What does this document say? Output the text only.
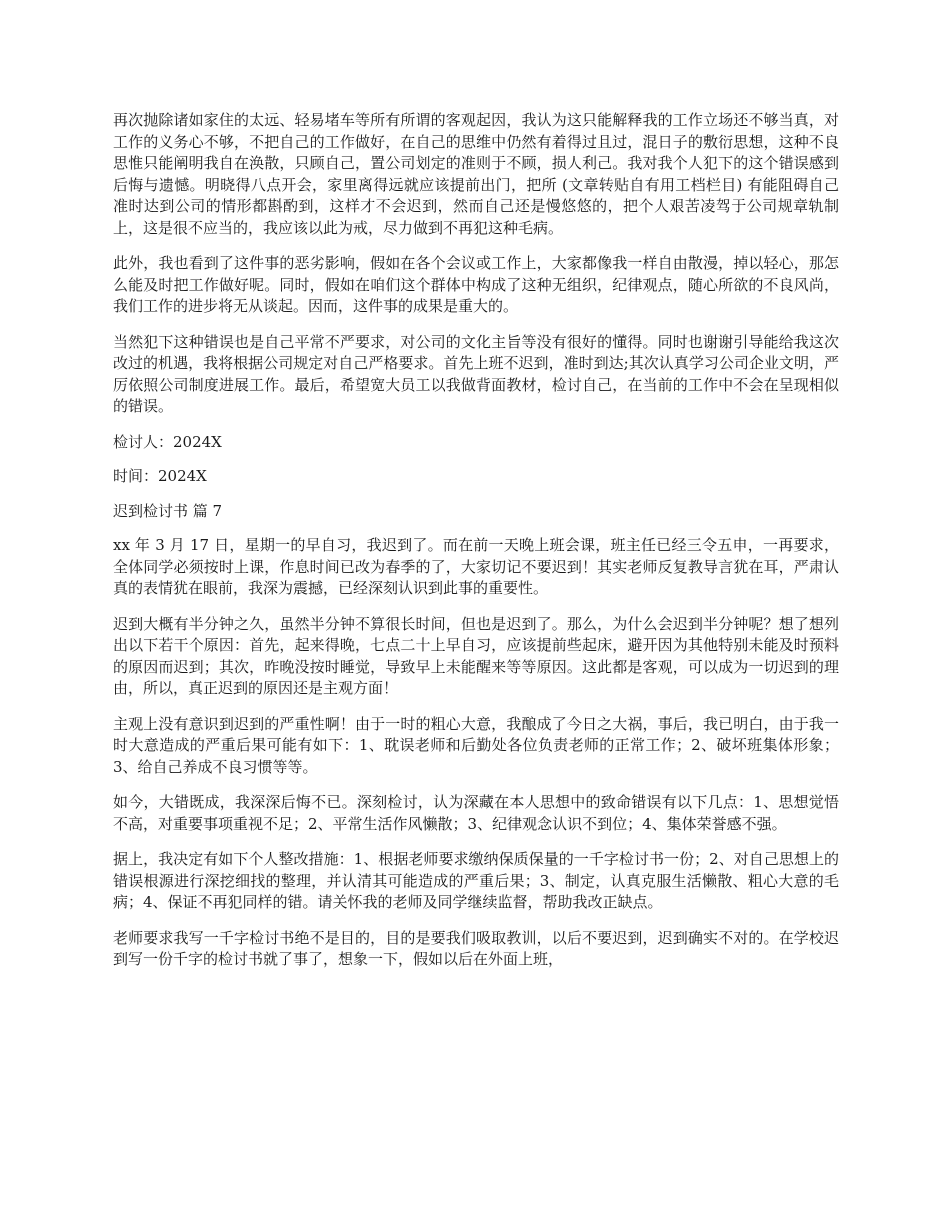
再次抛除诸如家住的太远、轻易堵车等所有所谓的客观起因，我认为这只能解释我的工作立场还不够当真，对工作的义务心不够，不把自己的工作做好，在自己的思维中仍然有着得过且过，混日子的敷衍思想，这种不良思惟只能阐明我自在涣散，只顾自己，置公司划定的准则于不顾，损人利己。我对我个人犯下的这个错误感到后悔与遗憾。明晓得八点开会，家里离得远就应该提前出门，把所 (文章转贴自有用工档栏目) 有能阻碍自己准时达到公司的情形都斟酌到，这样才不会迟到，然而自己还是慢悠悠的，把个人艰苦凌驾于公司规章轨制上，这是很不应当的，我应该以此为戒，尽力做到不再犯这种毛病。

此外，我也看到了这件事的恶劣影响，假如在各个会议或工作上，大家都像我一样自由散漫，掉以轻心，那怎么能及时把工作做好呢。同时，假如在咱们这个群体中构成了这种无组织，纪律观点，随心所欲的不良风尚，我们工作的进步将无从谈起。因而，这件事的成果是重大的。

当然犯下这种错误也是自己平常不严要求，对公司的文化主旨等没有很好的懂得。同时也谢谢引导能给我这次改过的机遇，我将根据公司规定对自己严格要求。首先上班不迟到，准时到达;其次认真学习公司企业文明，严厉依照公司制度进展工作。最后，希望宽大员工以我做背面教材，检讨自己，在当前的工作中不会在呈现相似的错误。

检讨人：2024X

时间：2024X

迟到检讨书 篇 7

xx 年 3 月 17 日，星期一的早自习，我迟到了。而在前一天晚上班会课，班主任已经三令五申，一再要求，全体同学必须按时上课，作息时间已改为春季的了，大家切记不要迟到！其实老师反复教导言犹在耳，严肃认真的表情犹在眼前，我深为震撼，已经深刻认识到此事的重要性。

迟到大概有半分钟之久，虽然半分钟不算很长时间，但也是迟到了。那么，为什么会迟到半分钟呢？想了想列出以下若干个原因：首先，起来得晚，七点二十上早自习，应该提前些起床，避开因为其他特别未能及时预料的原因而迟到；其次，昨晚没按时睡觉，导致早上未能醒来等等原因。这此都是客观，可以成为一切迟到的理由，所以，真正迟到的原因还是主观方面！

主观上没有意识到迟到的严重性啊！由于一时的粗心大意，我酿成了今日之大祸，事后，我已明白，由于我一时大意造成的严重后果可能有如下：1、耽误老师和后勤处各位负责老师的正常工作；2、破坏班集体形象；3、给自己养成不良习惯等等。

如今，大错既成，我深深后悔不已。深刻检讨，认为深藏在本人思想中的致命错误有以下几点：1、思想觉悟不高，对重要事项重视不足；2、平常生活作风懒散；3、纪律观念认识不到位；4、集体荣誉感不强。

据上，我决定有如下个人整改措施：1、根据老师要求缴纳保质保量的一千字检讨书一份；2、对自己思想上的错误根源进行深挖细找的整理，并认清其可能造成的严重后果；3、制定，认真克服生活懒散、粗心大意的毛病；4、保证不再犯同样的错。请关怀我的老师及同学继续监督，帮助我改正缺点。

老师要求我写一千字检讨书绝不是目的，目的是要我们吸取教训，以后不要迟到，迟到确实不对的。在学校迟到写一份千字的检讨书就了事了，想象一下，假如以后在外面上班，
